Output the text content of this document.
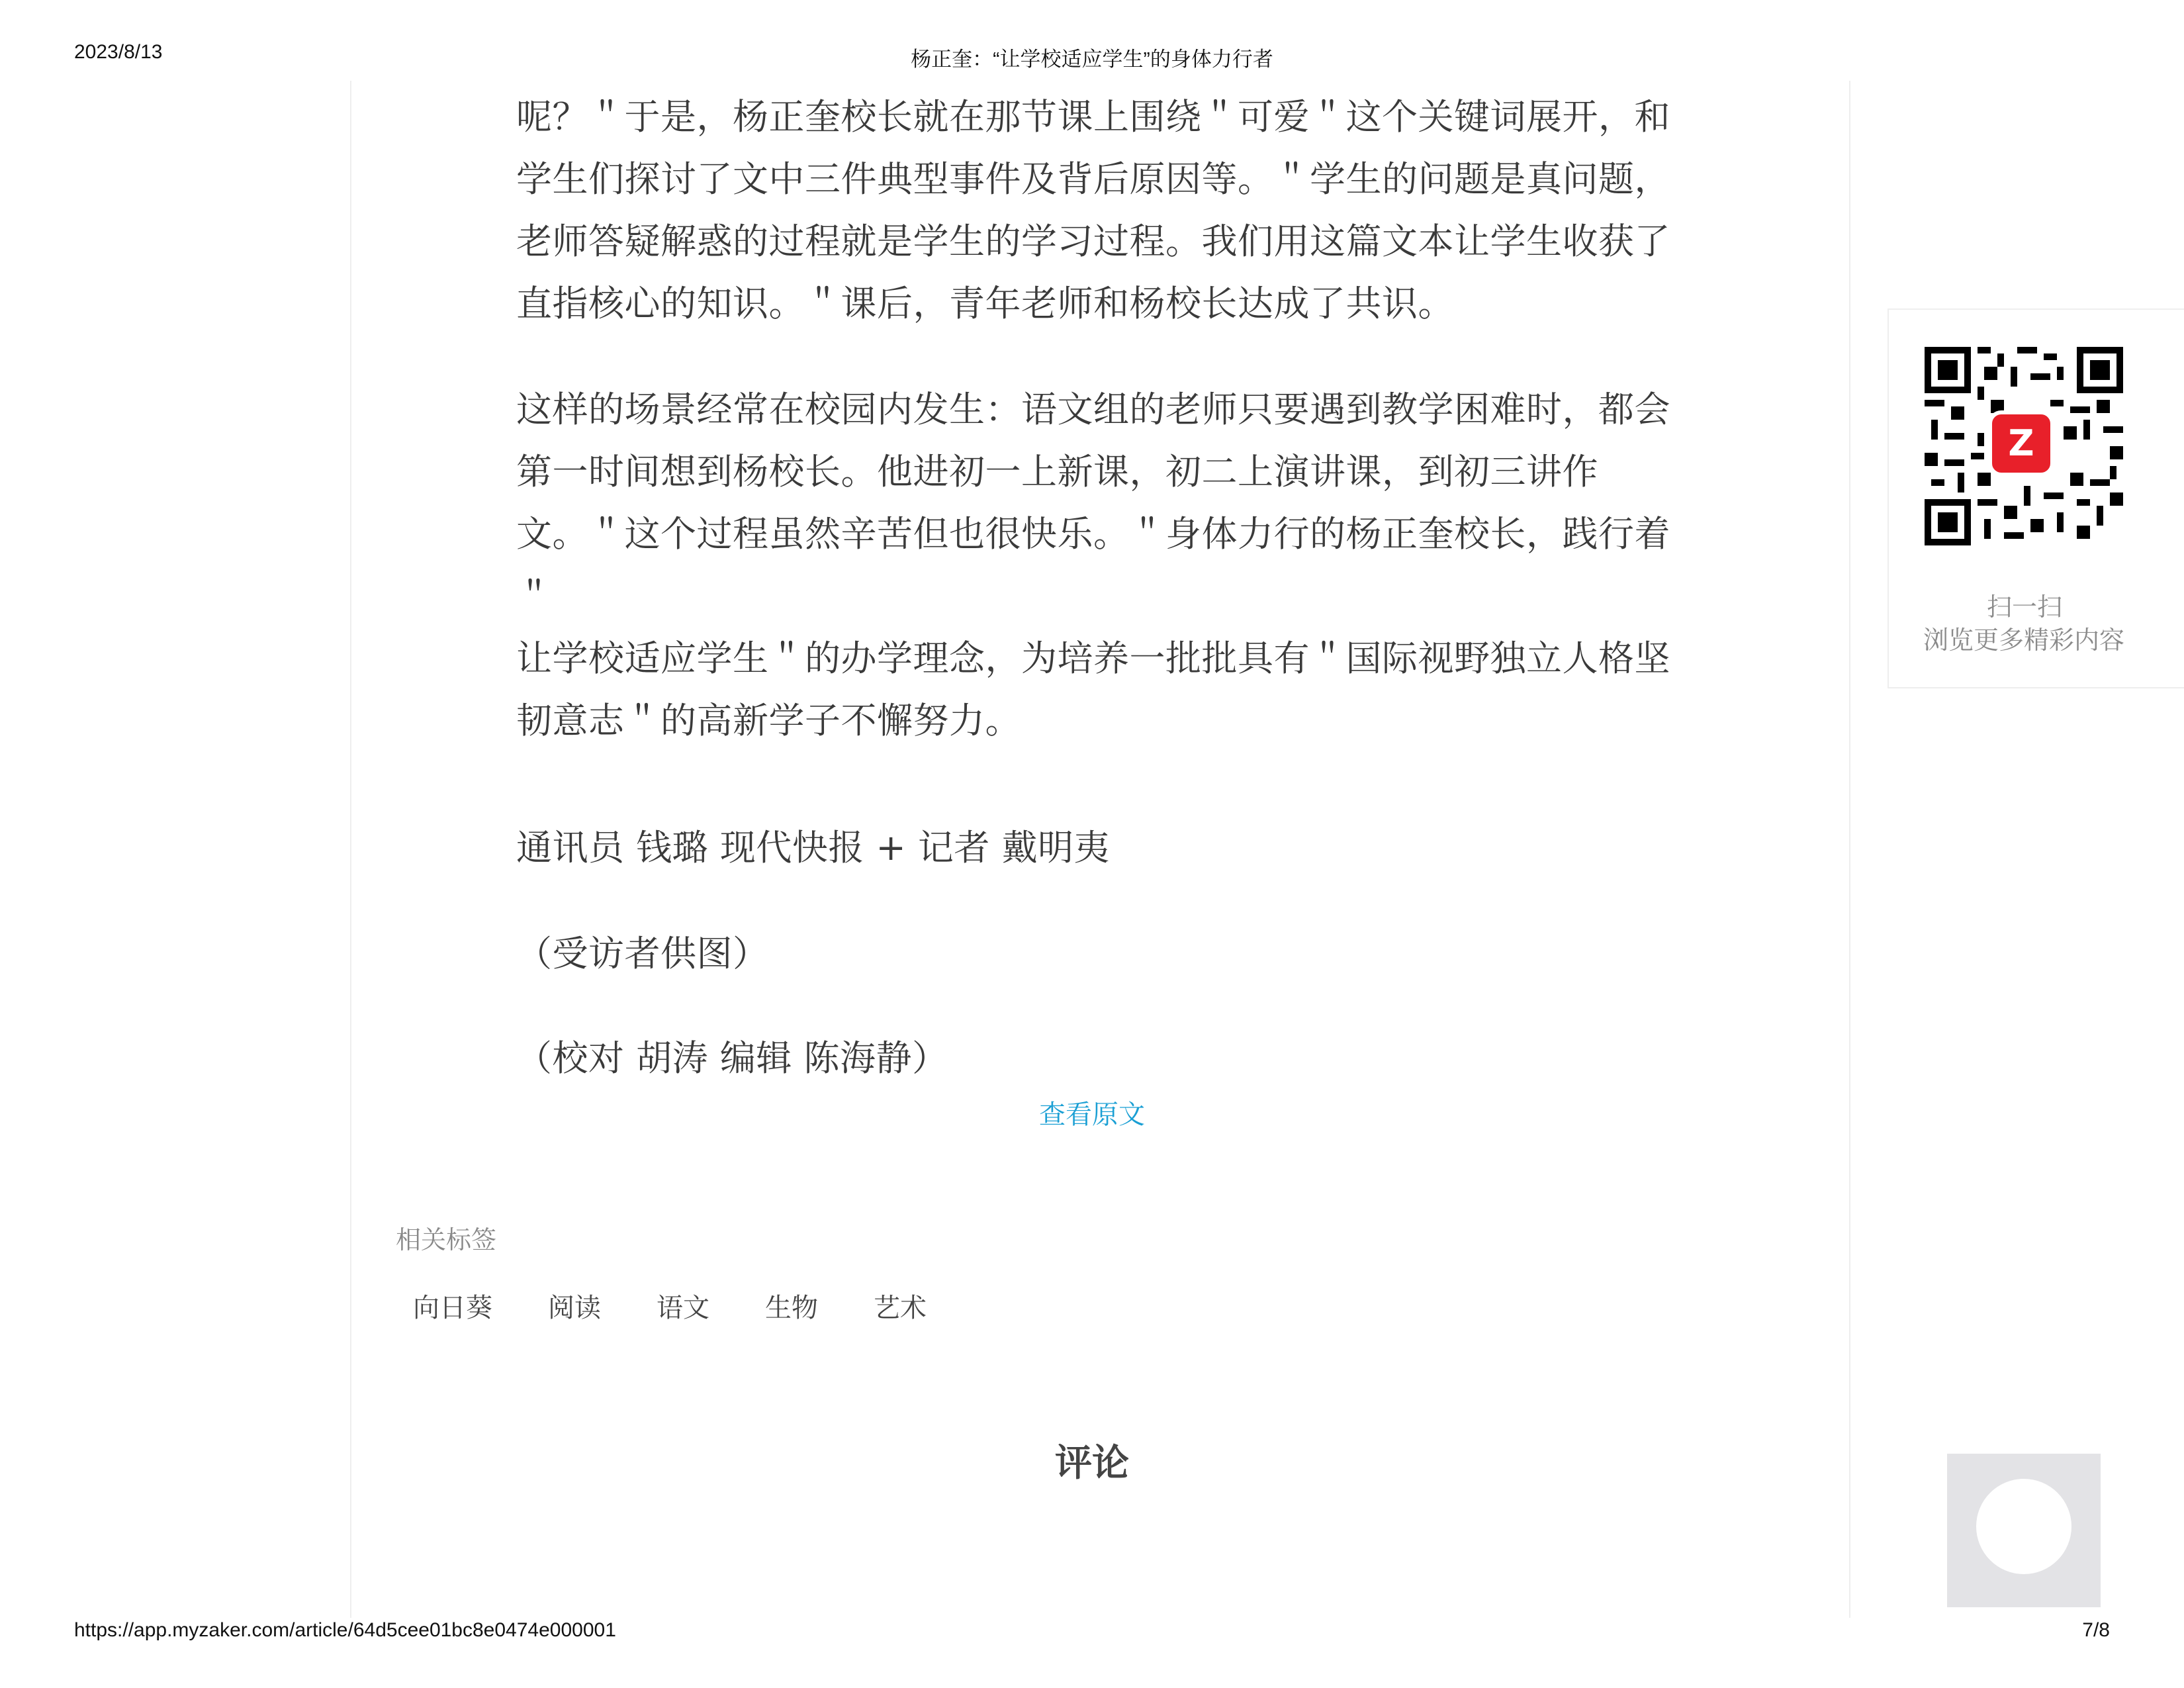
2023/8/13	杨正奎：“让学校适应学生”的身体力行者

呢？＂于是，杨正奎校长就在那节课上围绕＂可爱＂这个关键词展开，和
学生们探讨了文中三件典型事件及背后原因等。＂学生的问题是真问题，
老师答疑解惑的过程就是学生的学习过程。我们用这篇文本让学生收获了
直指核心的知识。＂课后，青年老师和杨校长达成了共识。

这样的场景经常在校园内发生：语文组的老师只要遇到教学困难时，都会
第一时间想到杨校长。他进初一上新课，初二上演讲课，到初三讲作
文。＂这个过程虽然辛苦但也很快乐。＂身体力行的杨正奎校长，践行着＂
让学校适应学生＂的办学理念，为培养一批批具有＂国际视野独立人格坚
韧意志＂的高新学子不懈努力。

通讯员 钱璐 现代快报 + 记者 戴明夷

（受访者供图）

（校对 胡涛 编辑 陈海静）

查看原文
相关标签
向日葵	阅读	语文	生物	艺术
评论
Z
扫一扫
浏览更多精彩内容
https://app.myzaker.com/article/64d5cee01bc8e0474e000001	7/8
